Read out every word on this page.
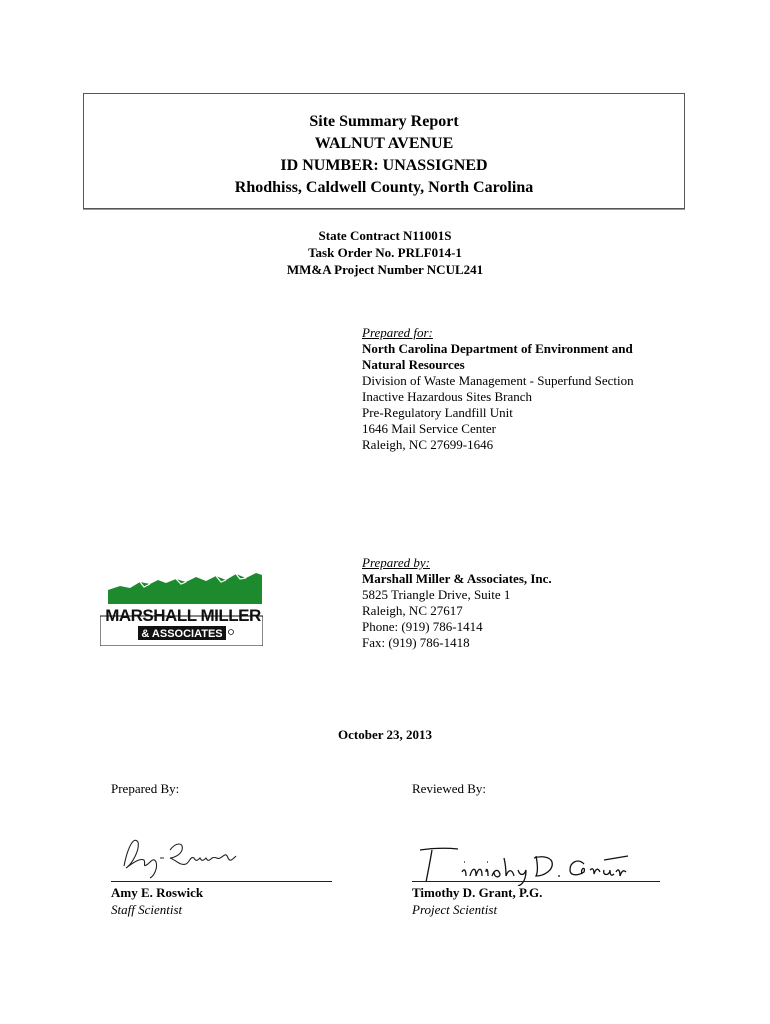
Site Summary Report
WALNUT AVENUE
ID NUMBER: UNASSIGNED
Rhodhiss, Caldwell County, North Carolina
State Contract N11001S
Task Order No. PRLF014-1
MM&A Project Number NCUL241
Prepared for:
North Carolina Department of Environment and
Natural Resources
Division of Waste Management - Superfund Section
Inactive Hazardous Sites Branch
Pre-Regulatory Landfill Unit
1646 Mail Service Center
Raleigh, NC 27699-1646
MARSHALL MILLER
& ASSOCIATES
Prepared by:
Marshall Miller & Associates, Inc.
5825 Triangle Drive, Suite 1
Raleigh, NC 27617
Phone: (919) 786-1414
Fax: (919) 786-1418
October 23, 2013
Prepared By:	Reviewed By:
Amy E. Roswick
Staff Scientist
Timothy D. Grant, P.G.
Project Scientist
